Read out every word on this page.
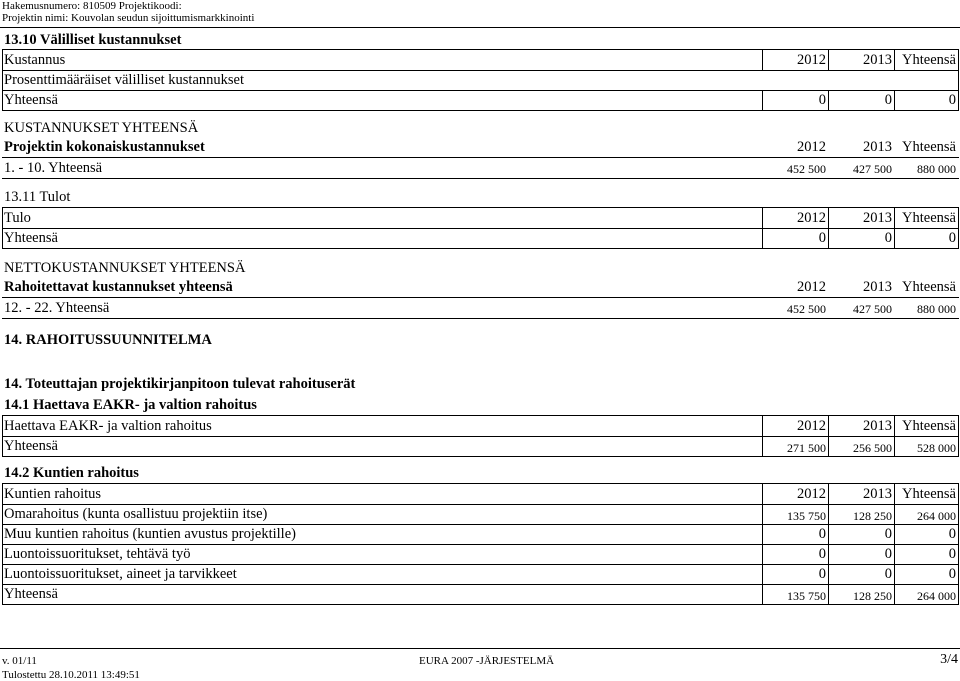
Hakemusnumero: 810509 Projektikoodi:
Projektin nimi: Kouvolan seudun sijoittumismarkkinointi
13.10 Välilliset kustannukset
Kustannus	2012	2013 Yhteensä
Prosenttimääräiset välilliset kustannukset
Yhteensä	0	0	0
KUSTANNUKSET YHTEENSÄ
Projektin kokonaiskustannukset	2012	2013 Yhteensä
1. - 10. Yhteensä	452 500	427 500	880 000
13.11 Tulot
Tulo	2012	2013 Yhteensä
Yhteensä	0	0	0
NETTOKUSTANNUKSET YHTEENSÄ
Rahoitettavat kustannukset yhteensä	2012	2013 Yhteensä
12. - 22. Yhteensä	452 500	427 500	880 000
14. RAHOITUSSUUNNITELMA
14. Toteuttajan projektikirjanpitoon tulevat rahoituserät
14.1 Haettava EAKR- ja valtion rahoitus
Haettava EAKR- ja valtion rahoitus	2012	2013 Yhteensä
Yhteensä	271 500	256 500	528 000
14.2 Kuntien rahoitus
Kuntien rahoitus	2012	2013 Yhteensä
Omarahoitus (kunta osallistuu projektiin itse)	135 750	128 250	264 000
Muu kuntien rahoitus (kuntien avustus projektille)	0	0	0
Luontoissuoritukset, tehtävä työ	0	0	0
Luontoissuoritukset, aineet ja tarvikkeet	0	0	0
Yhteensä	135 750	128 250	264 000
v. 01/11	EURA 2007 -JÄRJESTELMÄ	3/4
Tulostettu 28.10.2011 13:49:51
